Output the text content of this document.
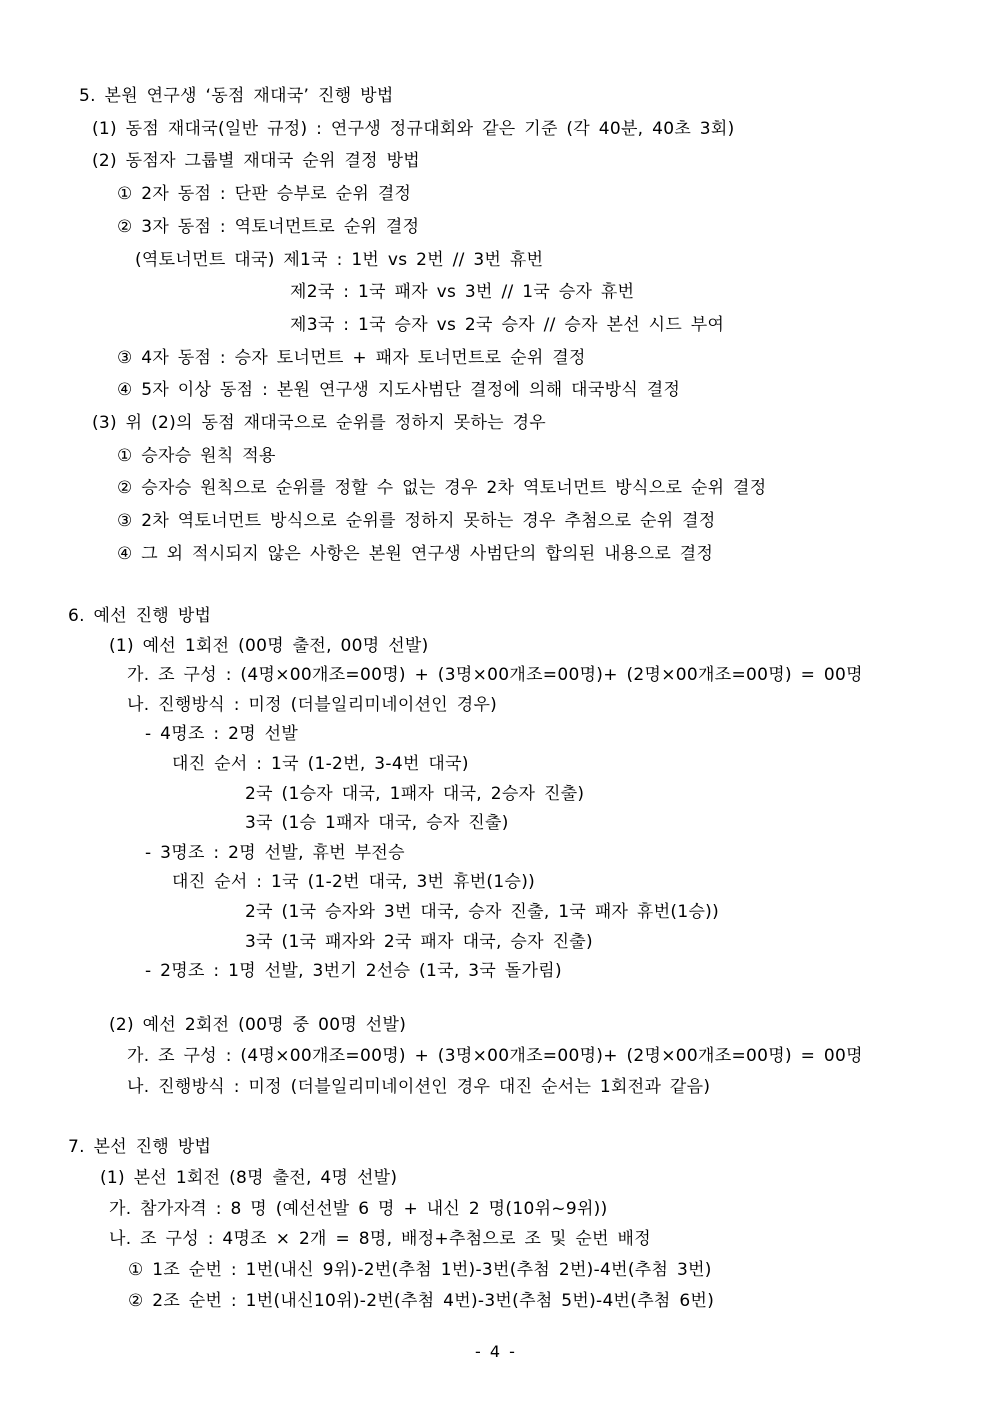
5. 본원 연구생 ‘동점 재대국’ 진행 방법
(1) 동점 재대국(일반 규정) : 연구생 정규대회와 같은 기준 (각 40분, 40초 3회)
(2) 동점자 그룹별 재대국 순위 결정 방법
① 2자 동점 : 단판 승부로 순위 결정
② 3자 동점 : 역토너먼트로 순위 결정
(역토너먼트 대국) 제1국 : 1번 vs 2번 // 3번 휴번
제2국 : 1국 패자 vs 3번 // 1국 승자 휴번
제3국 : 1국 승자 vs 2국 승자 // 승자 본선 시드 부여
③ 4자 동점 : 승자 토너먼트 + 패자 토너먼트로 순위 결정
④ 5자 이상 동점 : 본원 연구생 지도사범단 결정에 의해 대국방식 결정
(3) 위 (2)의 동점 재대국으로 순위를 정하지 못하는 경우
① 승자승 원칙 적용
② 승자승 원칙으로 순위를 정할 수 없는 경우 2차 역토너먼트 방식으로 순위 결정
③ 2차 역토너먼트 방식으로 순위를 정하지 못하는 경우 추첨으로 순위 결정
④ 그 외 적시되지 않은 사항은 본원 연구생 사범단의 합의된 내용으로 결정
6. 예선 진행 방법
(1) 예선 1회전 (00명 출전, 00명 선발)
가. 조 구성 : (4명×00개조=00명) + (3명×00개조=00명)+ (2명×00개조=00명) = 00명
나. 진행방식 : 미정 (더블일리미네이션인 경우)
- 4명조 : 2명 선발
대진 순서 : 1국 (1-2번, 3-4번 대국)
2국 (1승자 대국, 1패자 대국, 2승자 진출)
3국 (1승 1패자 대국, 승자 진출)
- 3명조 : 2명 선발, 휴번 부전승
대진 순서 : 1국 (1-2번 대국, 3번 휴번(1승))
2국 (1국 승자와 3번 대국, 승자 진출, 1국 패자 휴번(1승))
3국 (1국 패자와 2국 패자 대국, 승자 진출)
- 2명조 : 1명 선발, 3번기 2선승 (1국, 3국 돌가림)
(2) 예선 2회전 (00명 중 00명 선발)
가. 조 구성 : (4명×00개조=00명) + (3명×00개조=00명)+ (2명×00개조=00명) = 00명
나. 진행방식 : 미정 (더블일리미네이션인 경우 대진 순서는 1회전과 같음)
7. 본선 진행 방법
(1) 본선 1회전 (8명 출전, 4명 선발)
가. 참가자격 : 8 명 (예선선발 6 명 + 내신 2 명(10위~9위))
나. 조 구성 : 4명조 × 2개 = 8명, 배정+추첨으로 조 및 순번 배정
① 1조 순번 : 1번(내신 9위)-2번(추첨 1번)-3번(추첨 2번)-4번(추첨 3번)
② 2조 순번 : 1번(내신10위)-2번(추첨 4번)-3번(추첨 5번)-4번(추첨 6번)
- 4 -
